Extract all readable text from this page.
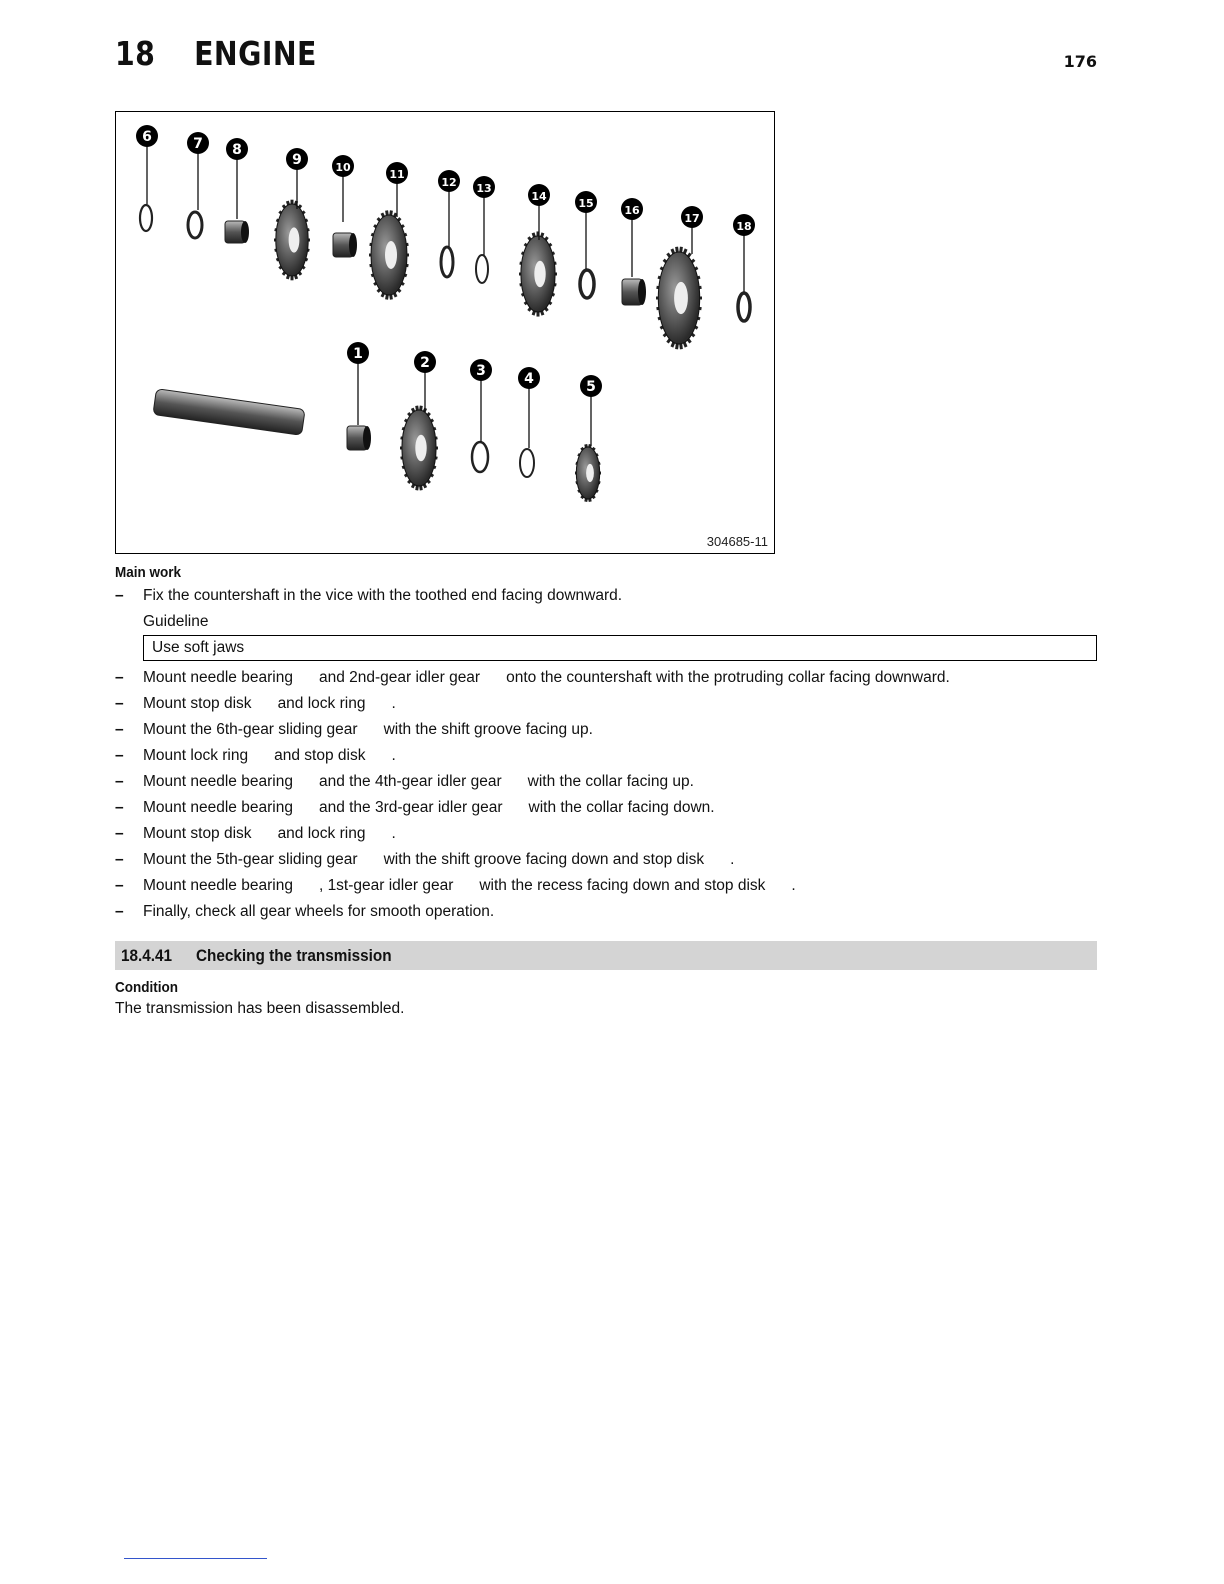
18 ENGINE	176
1
2	3	4	5
6	7 8
9	10
11
12 13
14
15
16
17
18
304685-11

Main work

– Fix the countershaft in the vice with the toothed end facing downward.
Guideline
Use soft jaws
– Mount needle bearing and 2nd-gear idler gear onto the countershaft with the protruding collar facing downward.
– Mount stop disk and lock ring .
– Mount the 6th-gear sliding gear with the shift groove facing up.
– Mount lock ring and stop disk .
– Mount needle bearing and the 4th-gear idler gear with the collar facing up.
– Mount needle bearing and the 3rd-gear idler gear with the collar facing down.
– Mount stop disk and lock ring .
– Mount the 5th-gear sliding gear with the shift groove facing down and stop disk .
– Mount needle bearing , 1st-gear idler gear with the recess facing down and stop disk .
– Finally, check all gear wheels for smooth operation.
18.4.41 Checking the transmission

Condition

The transmission has been disassembled.
